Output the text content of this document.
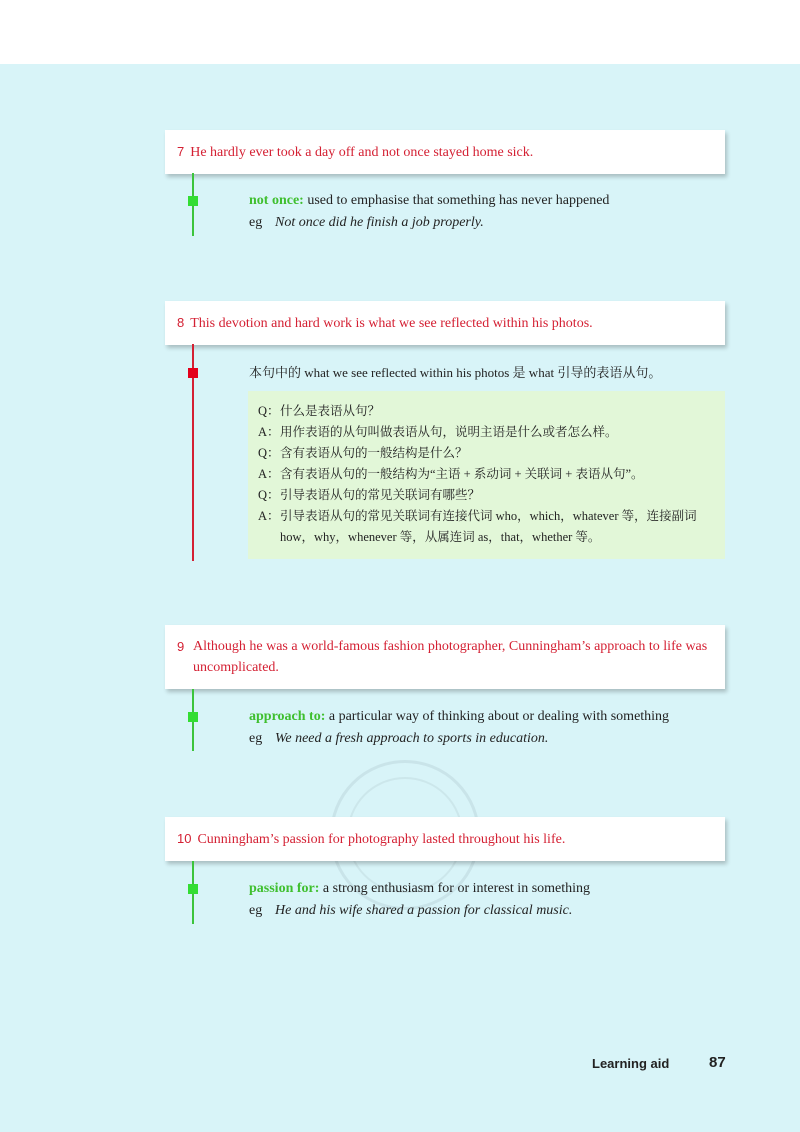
7 He hardly ever took a day off and not once stayed home sick.
not once: used to emphasise that something has never happened
eg Not once did he finish a job properly.
8 This devotion and hard work is what we see reflected within his photos.
本句中的 what we see reflected within his photos 是 what 引导的表语从句。
Q： 什么是表语从句？
A： 用作表语的从句叫做表语从句，说明主语是什么或者怎么样。
Q： 含有表语从句的一般结构是什么？
A： 含有表语从句的一般结构为“主语 + 系动词 + 关联词 + 表语从句”。
Q： 引导表语从句的常见关联词有哪些？
A： 引导表语从句的常见关联词有连接代词 who，which，whatever 等，连接副词 how，why，whenever 等，从属连词 as，that，whether 等。
9 Although he was a world-famous fashion photographer, Cunningham’s approach to life was uncomplicated.
approach to: a particular way of thinking about or dealing with something
eg We need a fresh approach to sports in education.
10 Cunningham’s passion for photography lasted throughout his life.
passion for: a strong enthusiasm for or interest in something
eg He and his wife shared a passion for classical music.
Learning aid	87
